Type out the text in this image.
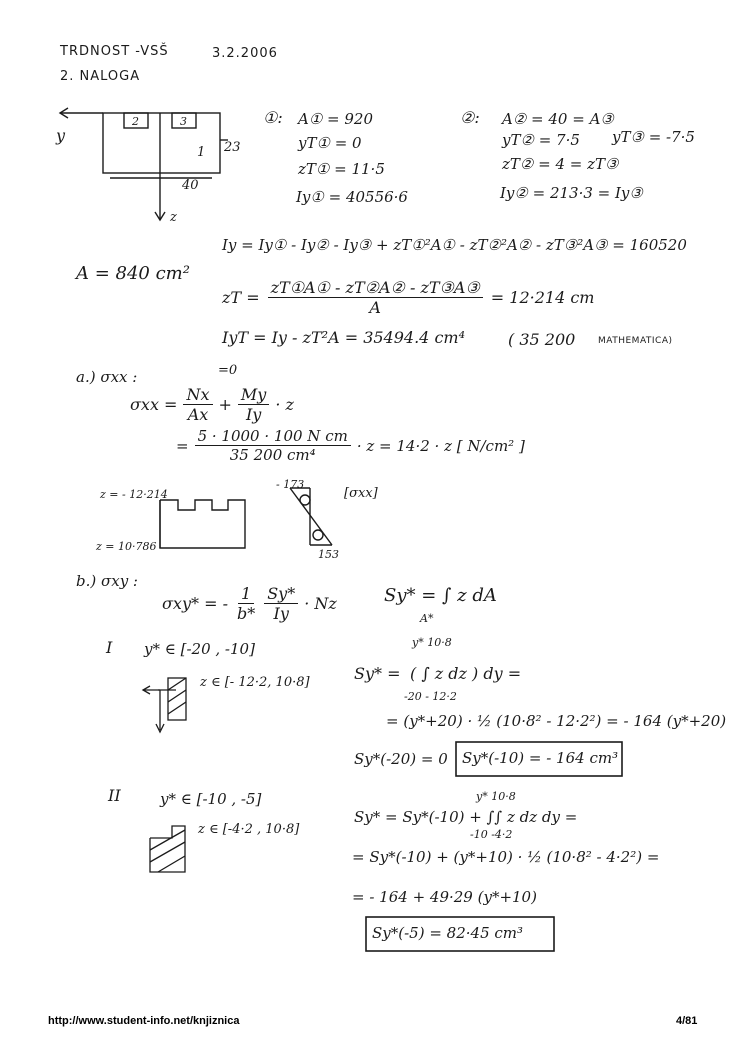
TRDNOST -VSŠ	3.2.2006
2. NALOGA
y
z
23
40
2	3
1
①: A① = 920
yT① = 0
zT① = 11·5
Iy① = 40556·6
②: A② = 40 = A③
yT② = 7·5 yT③ = -7·5
zT② = 4 = zT③
Iy② = 213·3 = Iy③
Iy = Iy① - Iy② - Iy③ + zT①²A① - zT②²A② - zT③²A③ = 160520
A = 840 cm²
zT = $\frac{\text{zT①A① - zT②A② - zT③A③}}{A} = 12\cdot 214$ cm
IyT = Iy - zT²A = 35494.4 cm⁴	( 35 200	MATHEMATICA)
a.) σxx :	=0
$\sigma xx = \frac{Nx}{Ax} + \frac{My}{Iy} \cdot z$
= $\frac{\text{5 · 1000 · 100 N cm}}{\text{35 200 cm⁴}} \cdot z = 14\cdot 2 \cdot z$ [ N/cm² ]
z = - 12·214
z = 10·786
- 173
153
[σxx]
b.) σxy :
σxy* = - $\frac{1}{b*} \frac{Sy*}{Iy} \cdot Nz$	Sy* = ∫ z dA
A*
I y* ∈ [-20 , -10]
z ∈ [- 12·2, 10·8]
y* 10·8
Sy* = ( ∫ z dz ) dy =
-20 - 12·2
= (y*+20) · ½ (10·8² - 12·2²) = - 164 (y*+20)
Sy*(-20) = 0 Sy*(-10) = - 164 cm³
II	y* ∈ [-10 , -5]
z ∈ [-4·2 , 10·8]
y* 10·8
Sy* = Sy*(-10) + ∫∫ z dz dy =
-10 -4·2
= Sy*(-10) + (y*+10) · ½ (10·8² - 4·2²) =
= - 164 + 49·29 (y*+10)
Sy*(-5) = 82·45 cm³
http://www.student-info.net/knjiznica	4/81
